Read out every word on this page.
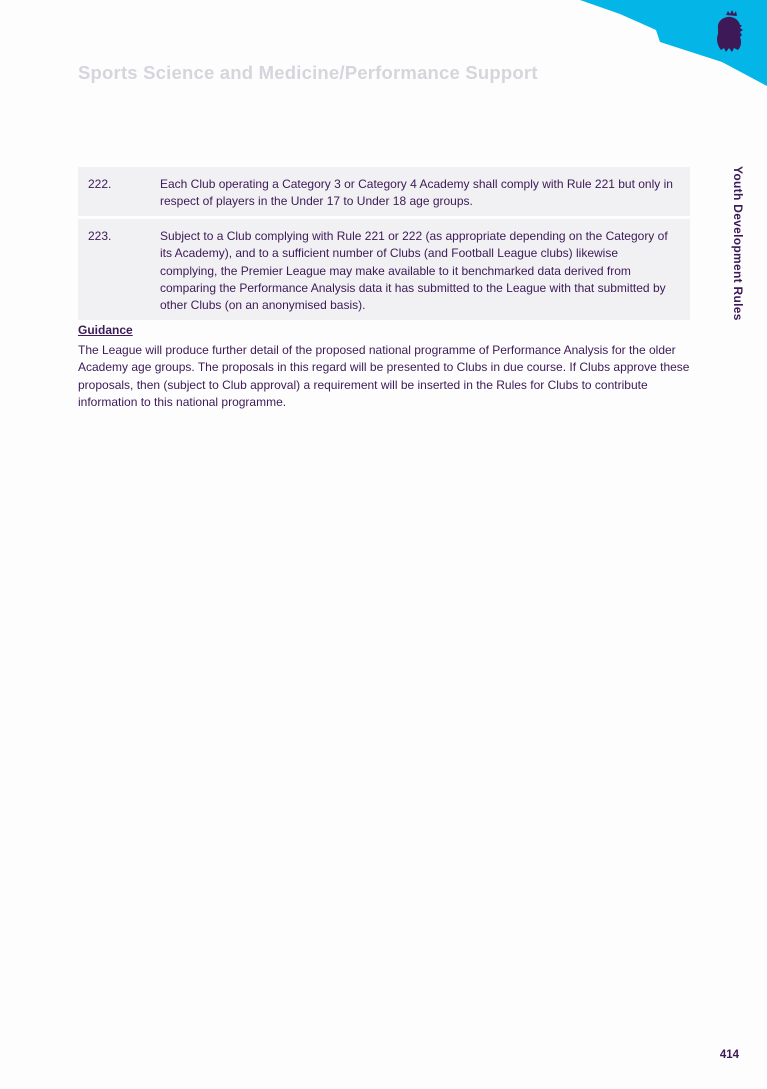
Sports Science and Medicine/Performance Support
Youth Development Rules
222.	Each Club operating a Category 3 or Category 4 Academy shall comply with Rule 221 but only in respect of players in the Under 17 to Under 18 age groups.
223.	Subject to a Club complying with Rule 221 or 222 (as appropriate depending on the Category of its Academy), and to a sufficient number of Clubs (and Football League clubs) likewise complying, the Premier League may make available to it benchmarked data derived from comparing the Performance Analysis data it has submitted to the League with that submitted by other Clubs (on an anonymised basis).
Guidance
The League will produce further detail of the proposed national programme of Performance Analysis for the older Academy age groups. The proposals in this regard will be presented to Clubs in due course. If Clubs approve these proposals, then (subject to Club approval) a requirement will be inserted in the Rules for Clubs to contribute information to this national programme.
414
